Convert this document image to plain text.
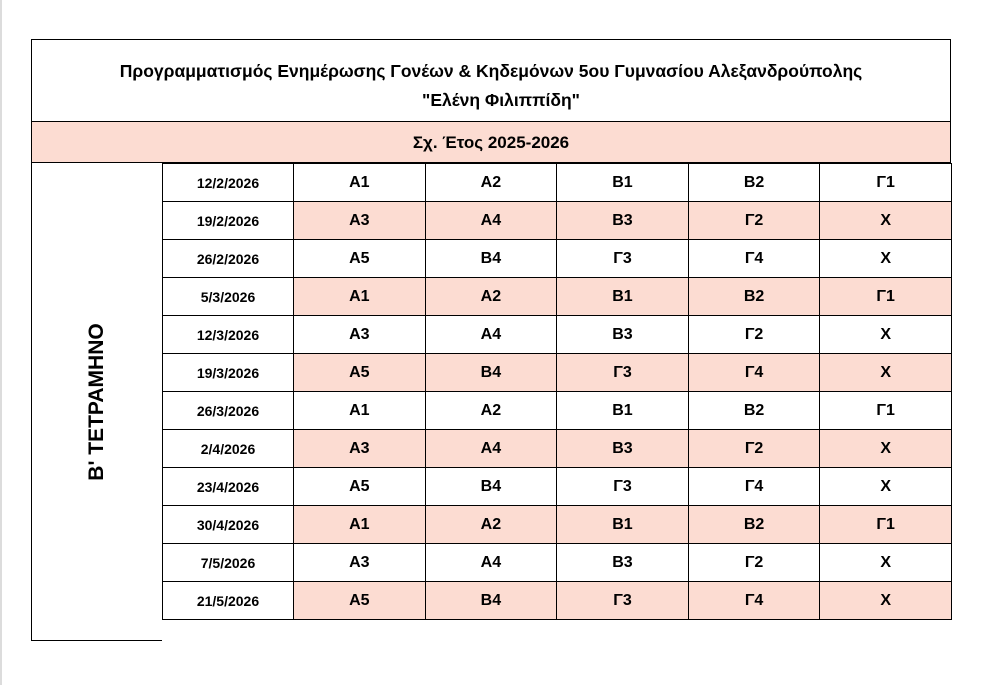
Προγραμματισμός Ενημέρωσης Γονέων & Κηδεμόνων 5ου Γυμνασίου Αλεξανδρούπολης
"Ελένη Φιλιππίδη"
Σχ. Έτος 2025-2026
Β' ΤΕΤΡΑΜΗΝΟ
12/2/2026	Α1	Α2	Β1	Β2	Γ1
19/2/2026	Α3	Α4	Β3	Γ2	Χ
26/2/2026	Α5	Β4	Γ3	Γ4	Χ
5/3/2026	Α1	Α2	Β1	Β2	Γ1
12/3/2026	Α3	Α4	Β3	Γ2	Χ
19/3/2026	Α5	Β4	Γ3	Γ4	Χ
26/3/2026	Α1	Α2	Β1	Β2	Γ1
2/4/2026	Α3	Α4	Β3	Γ2	Χ
23/4/2026	Α5	Β4	Γ3	Γ4	Χ
30/4/2026	Α1	Α2	Β1	Β2	Γ1
7/5/2026	Α3	Α4	Β3	Γ2	Χ
21/5/2026	Α5	Β4	Γ3	Γ4	Χ
